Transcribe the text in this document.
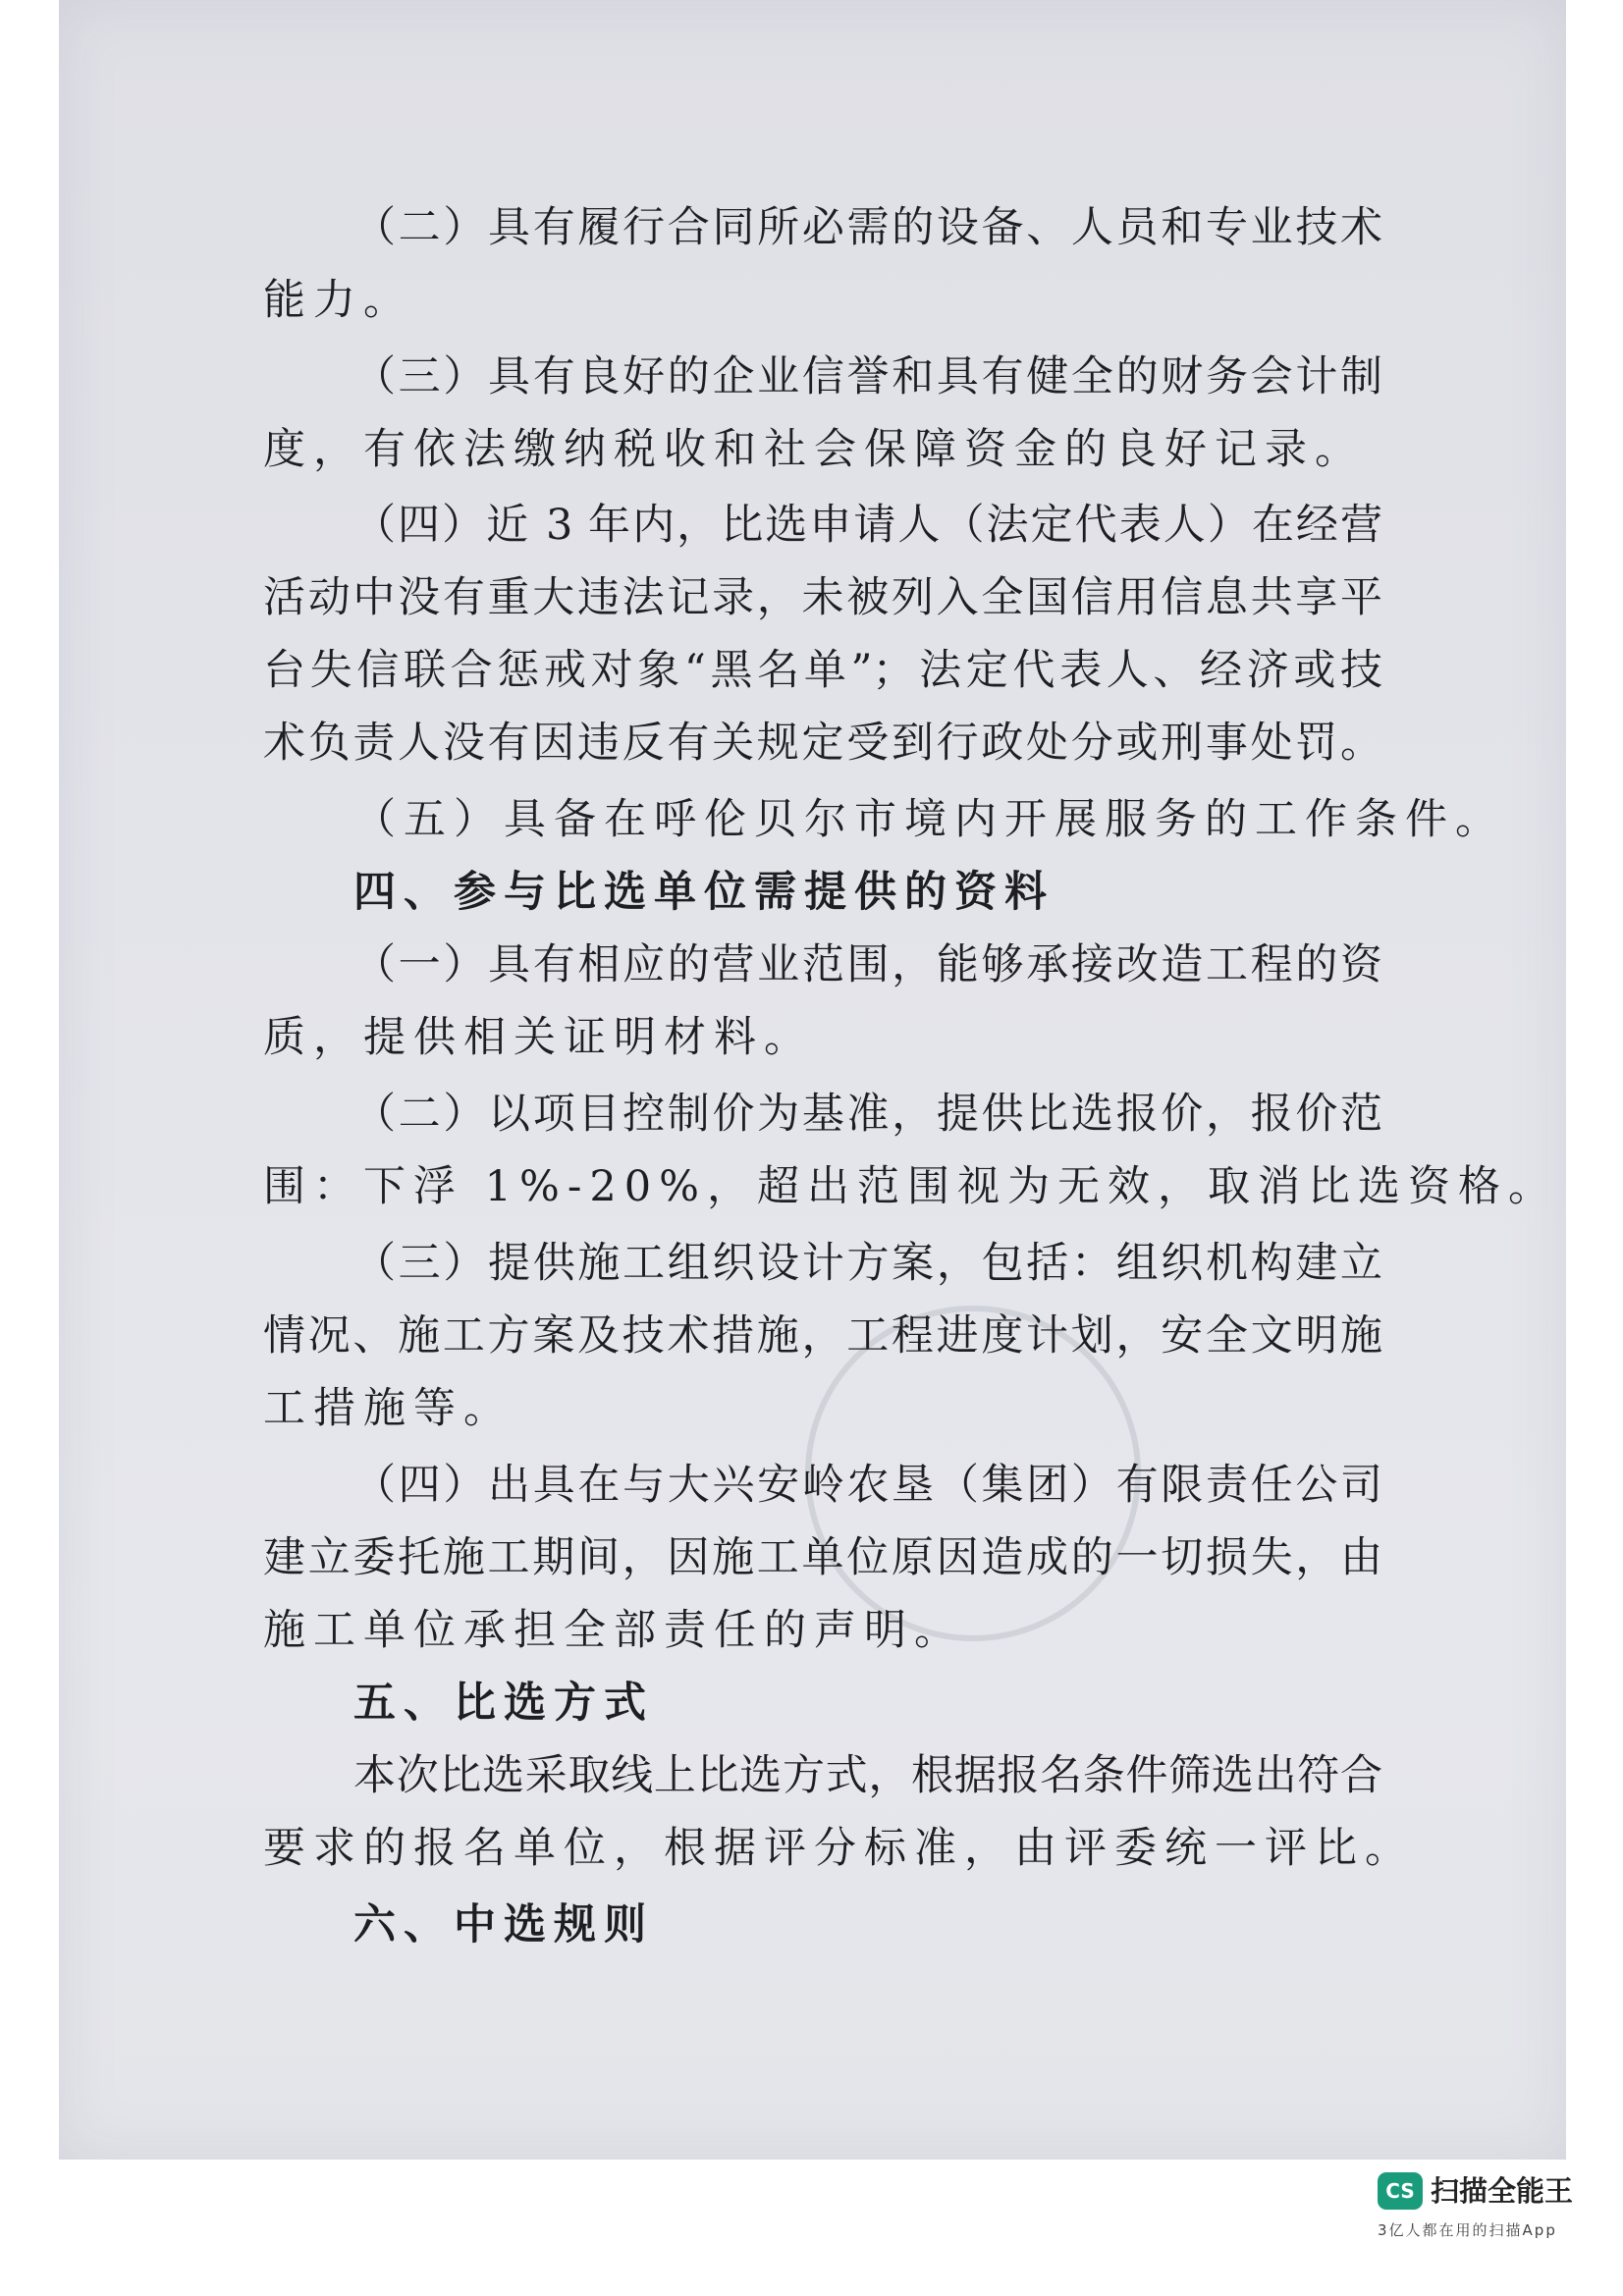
（二）具有履行合同所必需的设备、人员和专业技术
能力。
（三）具有良好的企业信誉和具有健全的财务会计制
度，有依法缴纳税收和社会保障资金的良好记录。
（四）近 3 年内，比选申请人（法定代表人）在经营
活动中没有重大违法记录，未被列入全国信用信息共享平
台失信联合惩戒对象“黑名单”；法定代表人、经济或技
术负责人没有因违反有关规定受到行政处分或刑事处罚。
（五）具备在呼伦贝尔市境内开展服务的工作条件。
四、参与比选单位需提供的资料
（一）具有相应的营业范围，能够承接改造工程的资
质，提供相关证明材料。
（二）以项目控制价为基准，提供比选报价，报价范
围：下浮 1%-20%，超出范围视为无效，取消比选资格。
（三）提供施工组织设计方案，包括：组织机构建立
情况、施工方案及技术措施，工程进度计划，安全文明施
工措施等。
（四）出具在与大兴安岭农垦（集团）有限责任公司
建立委托施工期间，因施工单位原因造成的一切损失，由
施工单位承担全部责任的声明。
五、比选方式
本次比选采取线上比选方式，根据报名条件筛选出符合
要求的报名单位，根据评分标准，由评委统一评比。
六、中选规则
CS 扫描全能王
3亿人都在用的扫描App
